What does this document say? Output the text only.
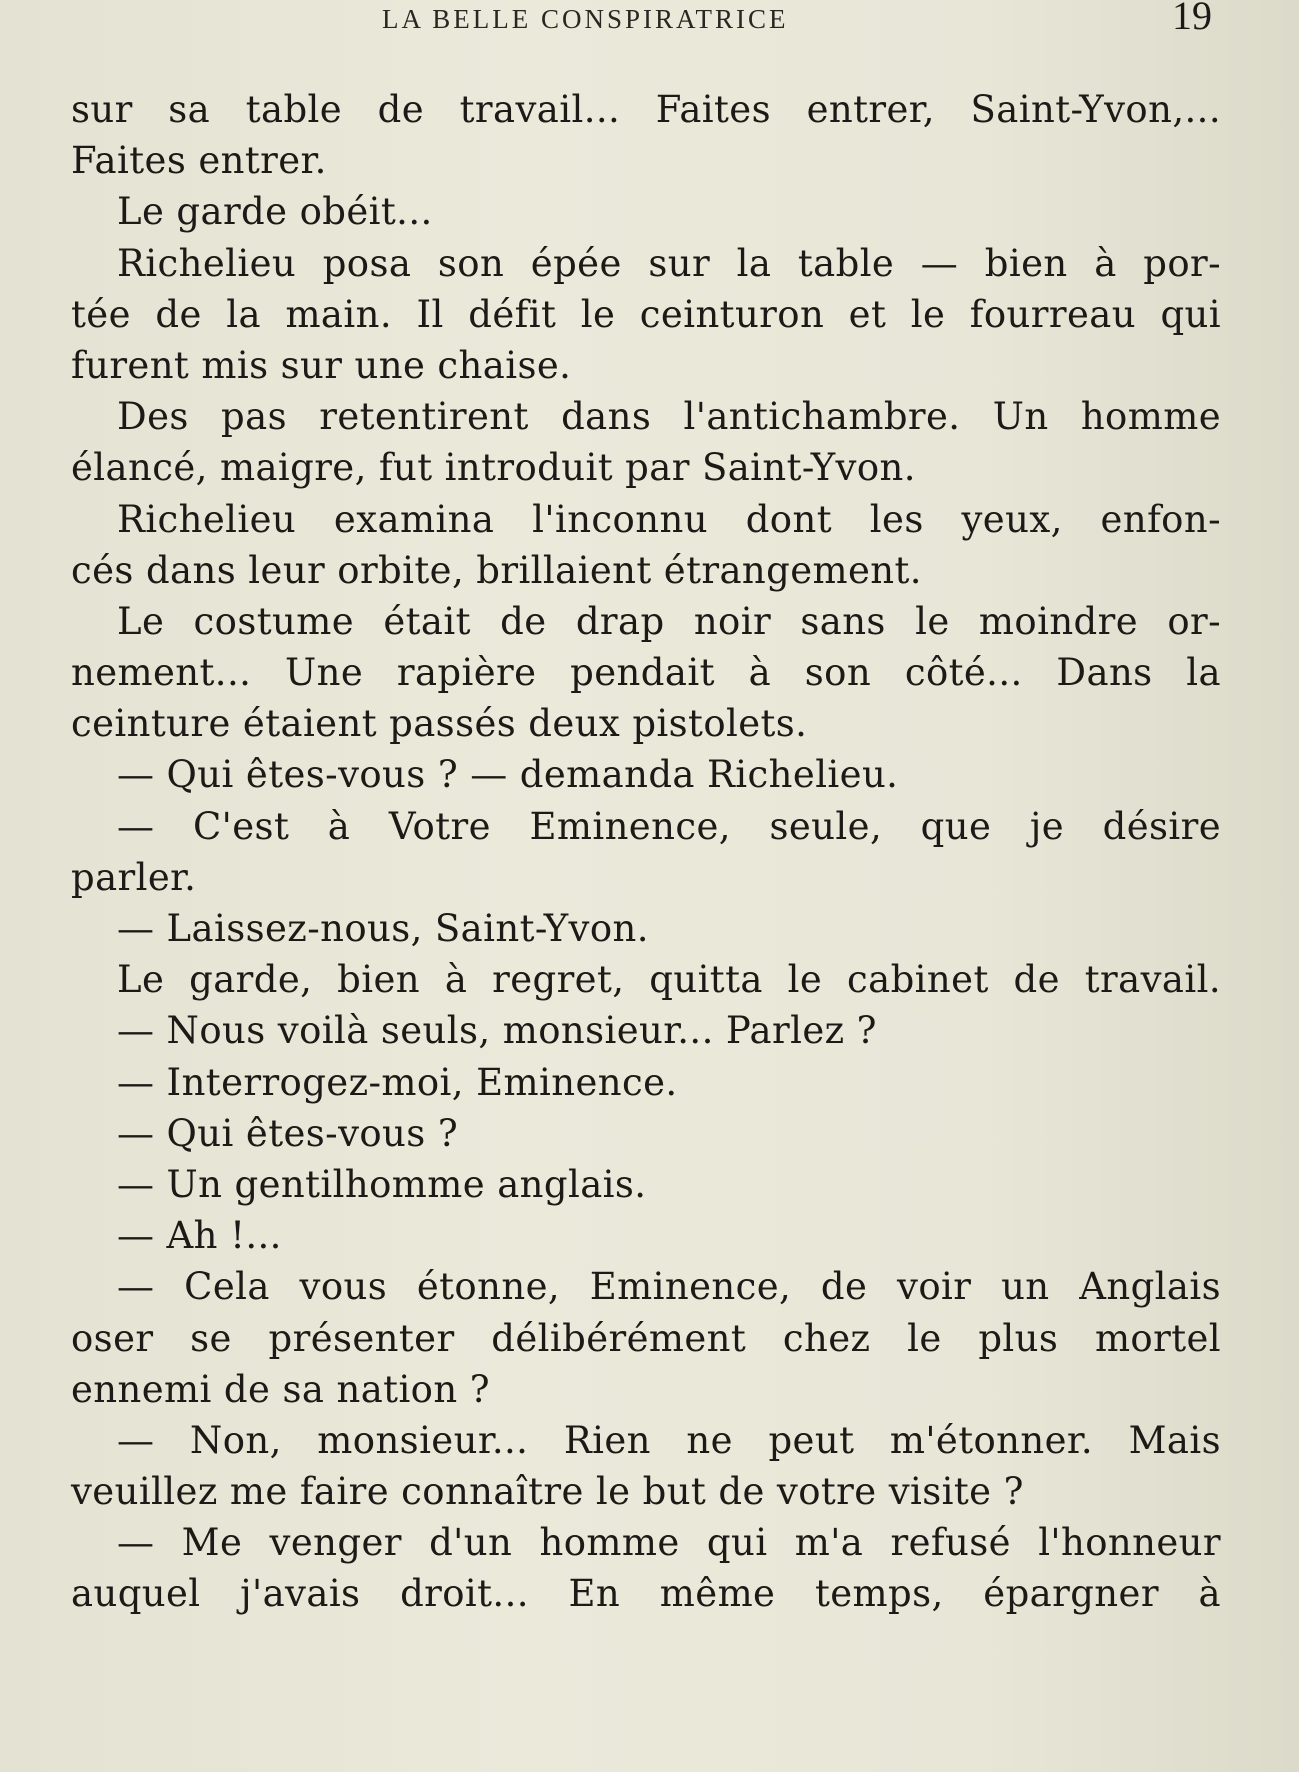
LA BELLE CONSPIRATRICE	19
sur sa table de travail... Faites entrer, Saint-Yvon,...
Faites entrer.
Le garde obéit...
Richelieu posa son épée sur la table — bien à por-
tée de la main. Il défit le ceinturon et le fourreau qui
furent mis sur une chaise.
Des pas retentirent dans l'antichambre. Un homme
élancé, maigre, fut introduit par Saint-Yvon.
Richelieu examina l'inconnu dont les yeux, enfon-
cés dans leur orbite, brillaient étrangement.
Le costume était de drap noir sans le moindre or-
nement... Une rapière pendait à son côté... Dans la
ceinture étaient passés deux pistolets.
— Qui êtes-vous ? — demanda Richelieu.
— C'est à Votre Eminence, seule, que je désire
parler.
— Laissez-nous, Saint-Yvon.
Le garde, bien à regret, quitta le cabinet de travail.
— Nous voilà seuls, monsieur... Parlez ?
— Interrogez-moi, Eminence.
— Qui êtes-vous ?
— Un gentilhomme anglais.
— Ah !...
— Cela vous étonne, Eminence, de voir un Anglais
oser se présenter délibérément chez le plus mortel
ennemi de sa nation ?
— Non, monsieur... Rien ne peut m'étonner. Mais
veuillez me faire connaître le but de votre visite ?
— Me venger d'un homme qui m'a refusé l'honneur
auquel j'avais droit... En même temps, épargner à
